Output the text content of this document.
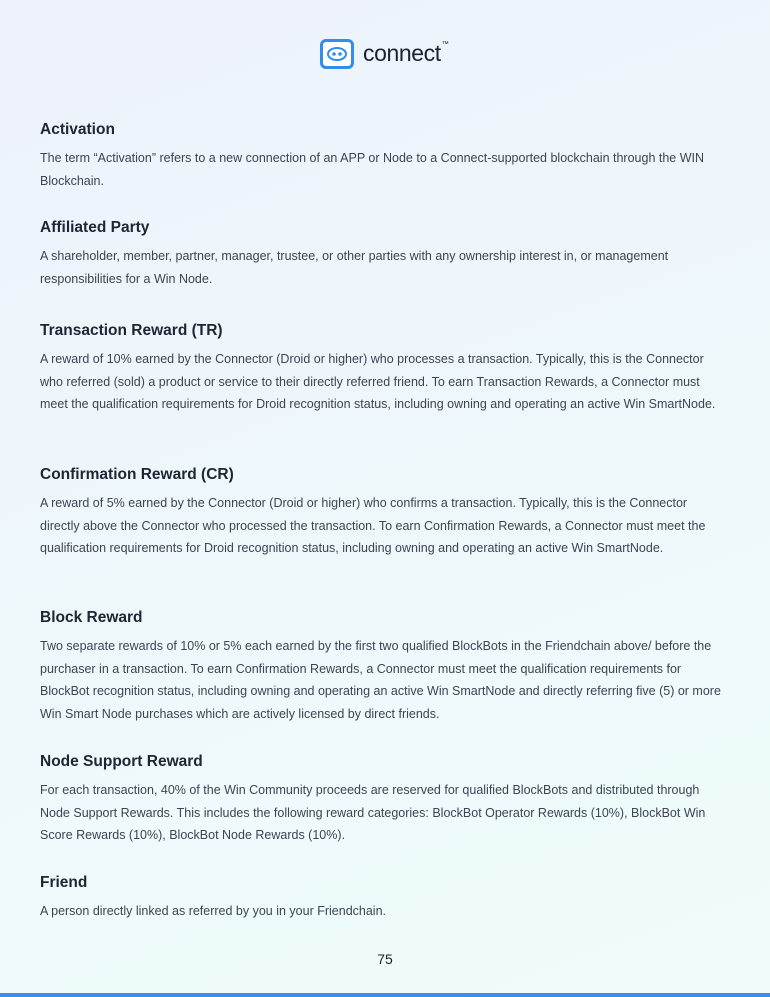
connect™
Activation

The term “Activation” refers to a new connection of an APP or Node to a Connect-supported blockchain through the WIN Blockchain.

Affiliated Party

A shareholder, member, partner, manager, trustee, or other parties with any ownership interest in, or management responsibilities for a Win Node.

Transaction Reward (TR)

A reward of 10% earned by the Connector (Droid or higher) who processes a transaction. Typically, this is the Connector who referred (sold) a product or service to their directly referred friend. To earn Transaction Rewards, a Connector must meet the qualification requirements for Droid recognition status, including owning and operating an active Win SmartNode.

Confirmation Reward (CR)

A reward of 5% earned by the Connector (Droid or higher) who confirms a transaction. Typically, this is the Connector directly above the Connector who processed the transaction. To earn Confirmation Rewards, a Connector must meet the qualification requirements for Droid recognition status, including owning and operating an active Win SmartNode.

Block Reward

Two separate rewards of 10% or 5% each earned by the first two qualified BlockBots in the Friendchain above/ before the purchaser in a transaction. To earn Confirmation Rewards, a Connector must meet the qualification requirements for BlockBot recognition status, including owning and operating an active Win SmartNode and directly referring five (5) or more Win Smart Node purchases which are actively licensed by direct friends.

Node Support Reward

For each transaction, 40% of the Win Community proceeds are reserved for qualified BlockBots and distributed through Node Support Rewards. This includes the following reward categories: BlockBot Operator Rewards (10%), BlockBot Win Score Rewards (10%), BlockBot Node Rewards (10%).

Friend

A person directly linked as referred by you in your Friendchain.

75
